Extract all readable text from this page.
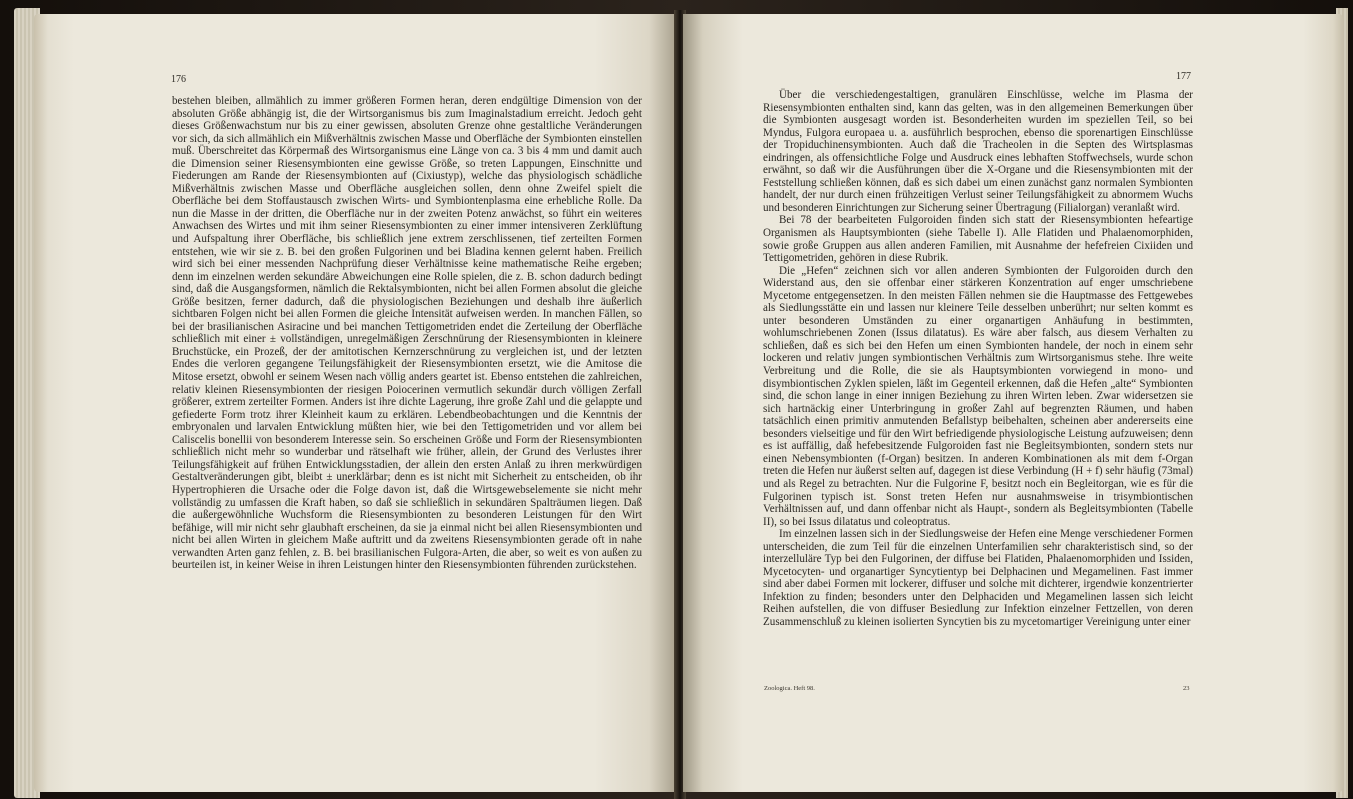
176

bestehen bleiben, allmählich zu immer größeren Formen heran, deren endgültige Dimension von der absoluten Größe abhängig ist, die der Wirtsorganismus bis zum Imaginalstadium erreicht. Jedoch geht dieses Größenwachstum nur bis zu einer gewissen, absoluten Grenze ohne gestaltliche Veränderungen vor sich, da sich allmählich ein Mißverhältnis zwischen Masse und Oberfläche der Symbionten einstellen muß. Überschreitet das Körpermaß des Wirtsorganismus eine Länge von ca. 3 bis 4 mm und damit auch die Dimension seiner Riesensymbionten eine gewisse Größe, so treten Lappungen, Einschnitte und Fiederungen am Rande der Riesensymbionten auf (Cixiustyp), welche das physiologisch schädliche Mißverhältnis zwischen Masse und Oberfläche ausgleichen sollen, denn ohne Zweifel spielt die Oberfläche bei dem Stoffaustausch zwischen Wirts- und Symbiontenplasma eine erhebliche Rolle. Da nun die Masse in der dritten, die Oberfläche nur in der zweiten Potenz anwächst, so führt ein weiteres Anwachsen des Wirtes und mit ihm seiner Riesensymbionten zu einer immer intensiveren Zerklüftung und Aufspaltung ihrer Oberfläche, bis schließlich jene extrem zerschlissenen, tief zerteilten Formen entstehen, wie wir sie z. B. bei den großen Fulgorinen und bei Bladina kennen gelernt haben. Freilich wird sich bei einer messenden Nachprüfung dieser Verhältnisse keine mathematische Reihe ergeben; denn im einzelnen werden sekundäre Abweichungen eine Rolle spielen, die z. B. schon dadurch bedingt sind, daß die Ausgangsformen, nämlich die Rektalsymbionten, nicht bei allen Formen absolut die gleiche Größe besitzen, ferner dadurch, daß die physiologischen Beziehungen und deshalb ihre äußerlich sichtbaren Folgen nicht bei allen Formen die gleiche Intensität aufweisen werden. In manchen Fällen, so bei der brasilianischen Asiracine und bei manchen Tettigometriden endet die Zerteilung der Oberfläche schließlich mit einer ± vollständigen, unregelmäßigen Zerschnürung der Riesensymbionten in kleinere Bruchstücke, ein Prozeß, der der amitotischen Kernzerschnürung zu vergleichen ist, und der letzten Endes die verloren gegangene Teilungsfähigkeit der Riesensymbionten ersetzt, wie die Amitose die Mitose ersetzt, obwohl er seinem Wesen nach völlig anders geartet ist. Ebenso entstehen die zahlreichen, relativ kleinen Riesensymbionten der riesigen Poiocerinen vermutlich sekundär durch völligen Zerfall größerer, extrem zerteilter Formen. Anders ist ihre dichte Lagerung, ihre große Zahl und die gelappte und gefiederte Form trotz ihrer Kleinheit kaum zu erklären. Lebendbeobachtungen und die Kenntnis der embryonalen und larvalen Entwicklung müßten hier, wie bei den Tettigometriden und vor allem bei Caliscelis bonellii von besonderem Interesse sein. So erscheinen Größe und Form der Riesensymbionten schließlich nicht mehr so wunderbar und rätselhaft wie früher, allein, der Grund des Verlustes ihrer Teilungsfähigkeit auf frühen Entwicklungsstadien, der allein den ersten Anlaß zu ihren merkwürdigen Gestaltveränderungen gibt, bleibt ± unerklärbar; denn es ist nicht mit Sicherheit zu entscheiden, ob ihr Hypertrophieren die Ursache oder die Folge davon ist, daß die Wirtsgewebselemente sie nicht mehr vollständig zu umfassen die Kraft haben, so daß sie schließlich in sekundären Spalträumen liegen. Daß die außergewöhnliche Wuchsform die Riesensymbionten zu besonderen Leistungen für den Wirt befähige, will mir nicht sehr glaubhaft erscheinen, da sie ja einmal nicht bei allen Riesensymbionten und nicht bei allen Wirten in gleichem Maße auftritt und da zweitens Riesensymbionten gerade oft in nahe verwandten Arten ganz fehlen, z. B. bei brasilianischen Fulgora-Arten, die aber, so weit es von außen zu beurteilen ist, in keiner Weise in ihren Leistungen hinter den Riesensymbionten führenden zurückstehen.

177

Über die verschiedengestaltigen, granulären Einschlüsse, welche im Plasma der Riesensymbionten enthalten sind, kann das gelten, was in den allgemeinen Bemerkungen über die Symbionten ausgesagt worden ist. Besonderheiten wurden im speziellen Teil, so bei Myndus, Fulgora europaea u. a. ausführlich besprochen, ebenso die sporenartigen Einschlüsse der Tropiduchinensymbionten. Auch daß die Tracheolen in die Septen des Wirtsplasmas eindringen, als offensichtliche Folge und Ausdruck eines lebhaften Stoffwechsels, wurde schon erwähnt, so daß wir die Ausführungen über die X-Organe und die Riesensymbionten mit der Feststellung schließen können, daß es sich dabei um einen zunächst ganz normalen Symbionten handelt, der nur durch einen frühzeitigen Verlust seiner Teilungsfähigkeit zu abnormem Wuchs und besonderen Einrichtungen zur Sicherung seiner Übertragung (Filialorgan) veranlaßt wird.

Bei 78 der bearbeiteten Fulgoroiden finden sich statt der Riesensymbionten hefeartige Organismen als Hauptsymbionten (siehe Tabelle I). Alle Flatiden und Phalaenomorphiden, sowie große Gruppen aus allen anderen Familien, mit Ausnahme der hefefreien Cixiiden und Tettigometriden, gehören in diese Rubrik.

Die „Hefen“ zeichnen sich vor allen anderen Symbionten der Fulgoroiden durch den Widerstand aus, den sie offenbar einer stärkeren Konzentration auf enger umschriebene Mycetome entgegensetzen. In den meisten Fällen nehmen sie die Hauptmasse des Fettgewebes als Siedlungsstätte ein und lassen nur kleinere Teile desselben unberührt; nur selten kommt es unter besonderen Umständen zu einer organartigen Anhäufung in bestimmten, wohlumschriebenen Zonen (Issus dilatatus). Es wäre aber falsch, aus diesem Verhalten zu schließen, daß es sich bei den Hefen um einen Symbionten handele, der noch in einem sehr lockeren und relativ jungen symbiontischen Verhältnis zum Wirtsorganismus stehe. Ihre weite Verbreitung und die Rolle, die sie als Hauptsymbionten vorwiegend in mono- und disymbiontischen Zyklen spielen, läßt im Gegenteil erkennen, daß die Hefen „alte“ Symbionten sind, die schon lange in einer innigen Beziehung zu ihren Wirten leben. Zwar widersetzen sie sich hartnäckig einer Unterbringung in großer Zahl auf begrenzten Räumen, und haben tatsächlich einen primitiv anmutenden Befallstyp beibehalten, scheinen aber andererseits eine besonders vielseitige und für den Wirt befriedigende physiologische Leistung aufzuweisen; denn es ist auffällig, daß hefebesitzende Fulgoroiden fast nie Begleitsymbionten, sondern stets nur einen Nebensymbionten (f-Organ) besitzen. In anderen Kombinationen als mit dem f-Organ treten die Hefen nur äußerst selten auf, dagegen ist diese Verbindung (H + f) sehr häufig (73mal) und als Regel zu betrachten. Nur die Fulgorine F, besitzt noch ein Begleitorgan, wie es für die Fulgorinen typisch ist. Sonst treten Hefen nur ausnahmsweise in trisymbiontischen Verhältnissen auf, und dann offenbar nicht als Haupt-, sondern als Begleitsymbionten (Tabelle II), so bei Issus dilatatus und coleoptratus.

Im einzelnen lassen sich in der Siedlungsweise der Hefen eine Menge verschiedener Formen unterscheiden, die zum Teil für die einzelnen Unterfamilien sehr charakteristisch sind, so der interzelluläre Typ bei den Fulgorinen, der diffuse bei Flatiden, Phalaenomorphiden und Issiden, Mycetocyten- und organartiger Syncytientyp bei Delphacinen und Megamelinen. Fast immer sind aber dabei Formen mit lockerer, diffuser und solche mit dichterer, irgendwie konzentrierter Infektion zu finden; besonders unter den Delphaciden und Megamelinen lassen sich leicht Reihen aufstellen, die von diffuser Besiedlung zur Infektion einzelner Fettzellen, von deren Zusammenschluß zu kleinen isolierten Syncytien bis zu mycetomartiger Vereinigung unter einer

Zoologica. Heft 98.	23
